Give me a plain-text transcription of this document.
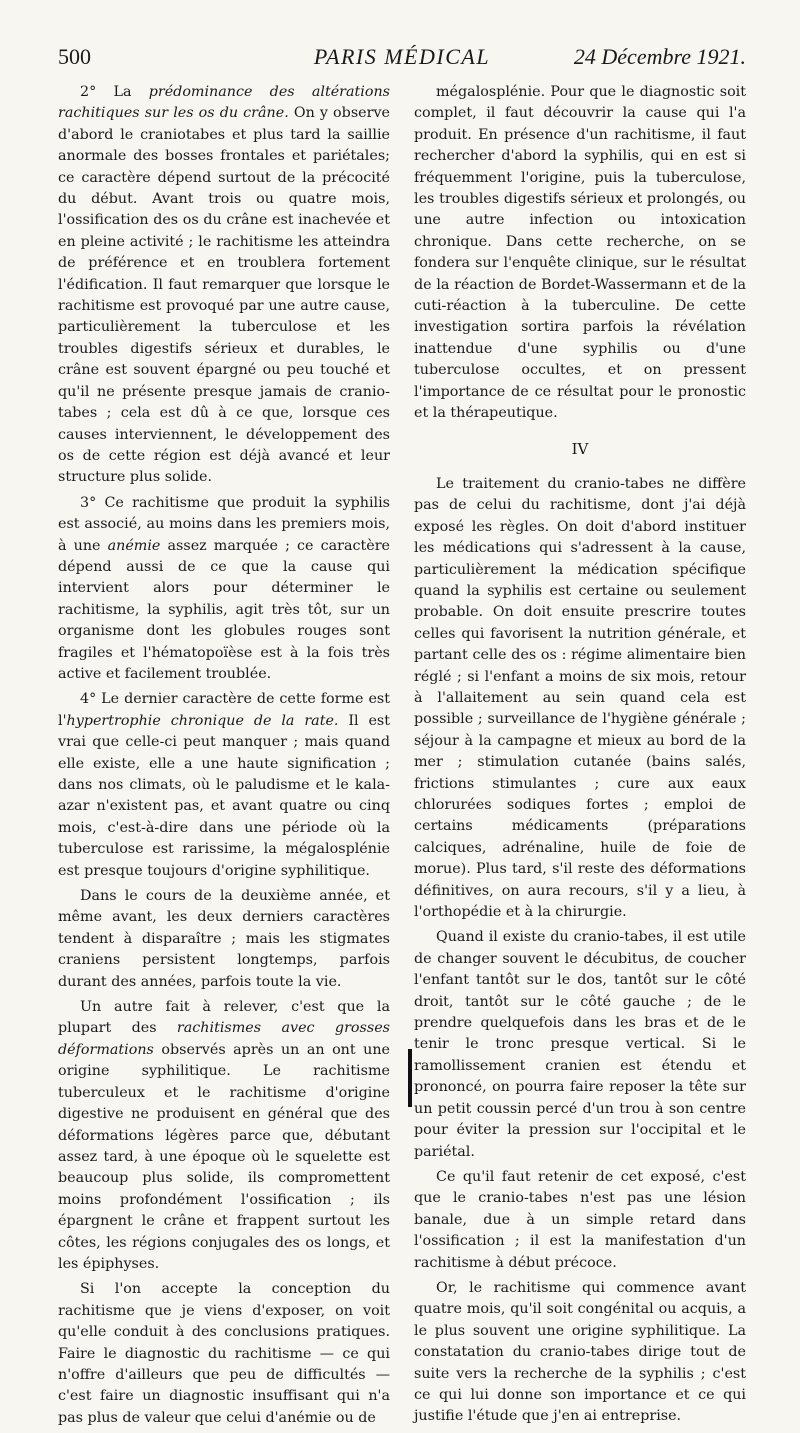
500	PARIS MÉDICAL	24 Décembre 1921.

2° La prédominance des altérations rachitiques sur les os du crâne. On y observe d'abord le craniotabes et plus tard la saillie anormale des bosses frontales et pariétales; ce caractère dépend surtout de la précocité du début. Avant trois ou quatre mois, l'ossification des os du crâne est inachevée et en pleine activité ; le rachitisme les atteindra de préférence et en troublera fortement l'édification. Il faut remarquer que lorsque le rachitisme est provoqué par une autre cause, particulièrement la tuberculose et les troubles digestifs sérieux et durables, le crâne est souvent épargné ou peu touché et qu'il ne présente presque jamais de cranio-tabes ; cela est dû à ce que, lorsque ces causes interviennent, le développement des os de cette région est déjà avancé et leur structure plus solide.

3° Ce rachitisme que produit la syphilis est associé, au moins dans les premiers mois, à une anémie assez marquée ; ce caractère dépend aussi de ce que la cause qui intervient alors pour déterminer le rachitisme, la syphilis, agit très tôt, sur un organisme dont les globules rouges sont fragiles et l'hématopoïèse est à la fois très active et facilement troublée.

4° Le dernier caractère de cette forme est l'hypertrophie chronique de la rate. Il est vrai que celle-ci peut manquer ; mais quand elle existe, elle a une haute signification ; dans nos climats, où le paludisme et le kala-azar n'existent pas, et avant quatre ou cinq mois, c'est-à-dire dans une période où la tuberculose est rarissime, la mégalosplénie est presque toujours d'origine syphilitique.

Dans le cours de la deuxième année, et même avant, les deux derniers caractères tendent à disparaître ; mais les stigmates craniens persistent longtemps, parfois durant des années, parfois toute la vie.

Un autre fait à relever, c'est que la plupart des rachitismes avec grosses déformations observés après un an ont une origine syphilitique. Le rachitisme tuberculeux et le rachitisme d'origine digestive ne produisent en général que des déformations légères parce que, débutant assez tard, à une époque où le squelette est beaucoup plus solide, ils compromettent moins profondément l'ossification ; ils épargnent le crâne et frappent surtout les côtes, les régions conjugales des os longs, et les épiphyses.

Si l'on accepte la conception du rachitisme que je viens d'exposer, on voit qu'elle conduit à des conclusions pratiques. Faire le diagnostic du rachitisme — ce qui n'offre d'ailleurs que peu de difficultés — c'est faire un diagnostic insuffisant qui n'a pas plus de valeur que celui d'anémie ou de

mégalosplénie. Pour que le diagnostic soit complet, il faut découvrir la cause qui l'a produit. En présence d'un rachitisme, il faut rechercher d'abord la syphilis, qui en est si fréquemment l'origine, puis la tuberculose, les troubles digestifs sérieux et prolongés, ou une autre infection ou intoxication chronique. Dans cette recherche, on se fondera sur l'enquête clinique, sur le résultat de la réaction de Bordet-Wassermann et de la cuti-réaction à la tuberculine. De cette investigation sortira parfois la révélation inattendue d'une syphilis ou d'une tuberculose occultes, et on pressent l'importance de ce résultat pour le pronostic et la thérapeutique.

IV

Le traitement du cranio-tabes ne diffère pas de celui du rachitisme, dont j'ai déjà exposé les règles. On doit d'abord instituer les médications qui s'adressent à la cause, particulièrement la médication spécifique quand la syphilis est certaine ou seulement probable. On doit ensuite prescrire toutes celles qui favorisent la nutrition générale, et partant celle des os : régime alimentaire bien réglé ; si l'enfant a moins de six mois, retour à l'allaitement au sein quand cela est possible ; surveillance de l'hygiène générale ; séjour à la campagne et mieux au bord de la mer ; stimulation cutanée (bains salés, frictions stimulantes ; cure aux eaux chlorurées sodiques fortes ; emploi de certains médicaments (préparations calciques, adrénaline, huile de foie de morue). Plus tard, s'il reste des déformations définitives, on aura recours, s'il y a lieu, à l'orthopédie et à la chirurgie.

Quand il existe du cranio-tabes, il est utile de changer souvent le décubitus, de coucher l'enfant tantôt sur le dos, tantôt sur le côté droit, tantôt sur le côté gauche ; de le prendre quelquefois dans les bras et de le tenir le tronc presque vertical. Si le ramollissement cranien est étendu et prononcé, on pourra faire reposer la tête sur un petit coussin percé d'un trou à son centre pour éviter la pression sur l'occipital et le pariétal.

Ce qu'il faut retenir de cet exposé, c'est que le cranio-tabes n'est pas une lésion banale, due à un simple retard dans l'ossification ; il est la manifestation d'un rachitisme à début précoce.

Or, le rachitisme qui commence avant quatre mois, qu'il soit congénital ou acquis, a le plus souvent une origine syphilitique. La constatation du cranio-tabes dirige tout de suite vers la recherche de la syphilis ; c'est ce qui lui donne son importance et ce qui justifie l'étude que j'en ai entreprise.
